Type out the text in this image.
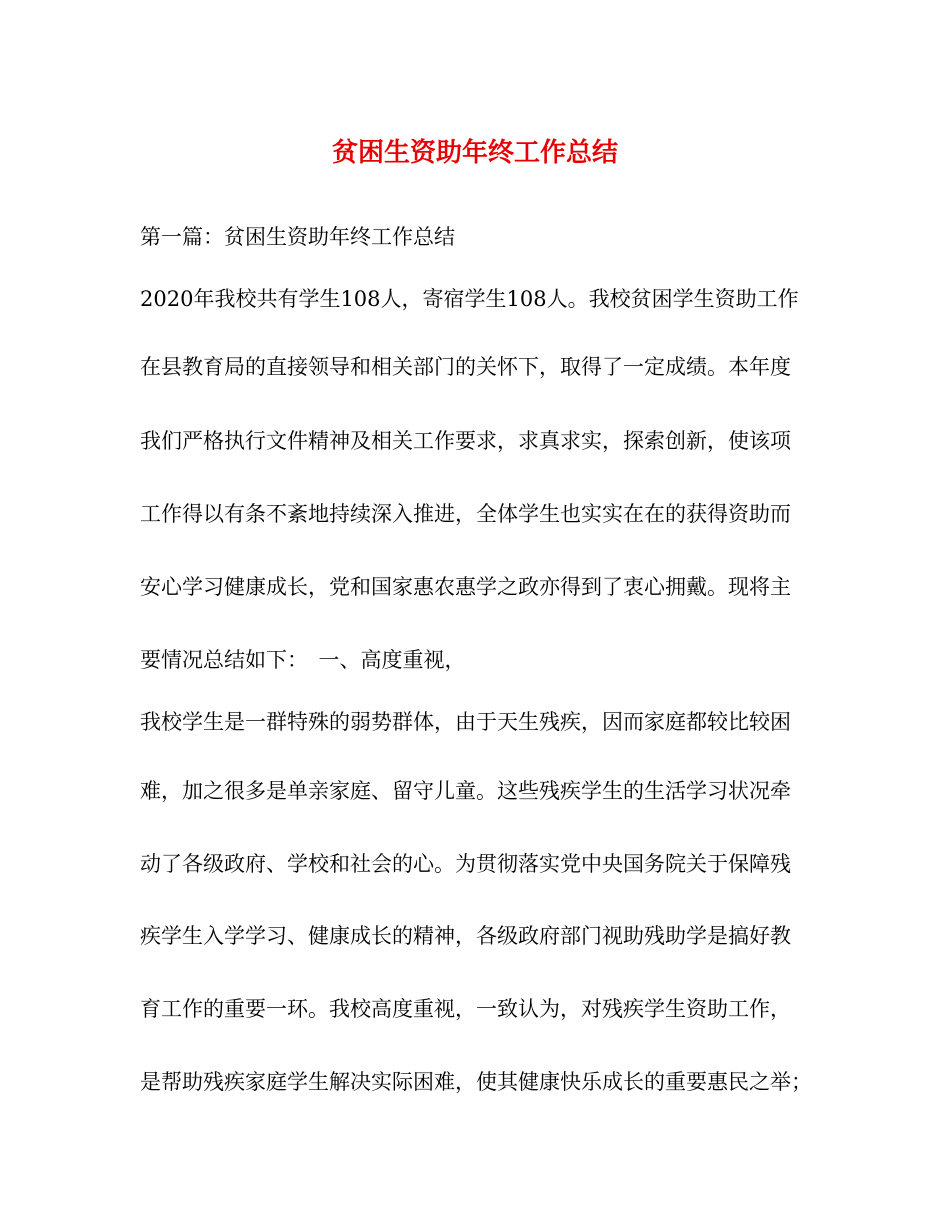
贫困生资助年终工作总结
第一篇：贫困生资助年终工作总结
2020年我校共有学生108人，寄宿学生108人。我校贫困学生资助工作
在县教育局的直接领导和相关部门的关怀下，取得了一定成绩。本年度
我们严格执行文件精神及相关工作要求，求真求实，探索创新，使该项
工作得以有条不紊地持续深入推进，全体学生也实实在在的获得资助而
安心学习健康成长，党和国家惠农惠学之政亦得到了衷心拥戴。现将主
要情况总结如下：　一、高度重视，
我校学生是一群特殊的弱势群体，由于天生残疾，因而家庭都较比较困
难，加之很多是单亲家庭、留守儿童。这些残疾学生的生活学习状况牵
动了各级政府、学校和社会的心。为贯彻落实党中央国务院关于保障残
疾学生入学学习、健康成长的精神，各级政府部门视助残助学是搞好教
育工作的重要一环。我校高度重视，一致认为，对残疾学生资助工作，
是帮助残疾家庭学生解决实际困难，使其健康快乐成长的重要惠民之举；
